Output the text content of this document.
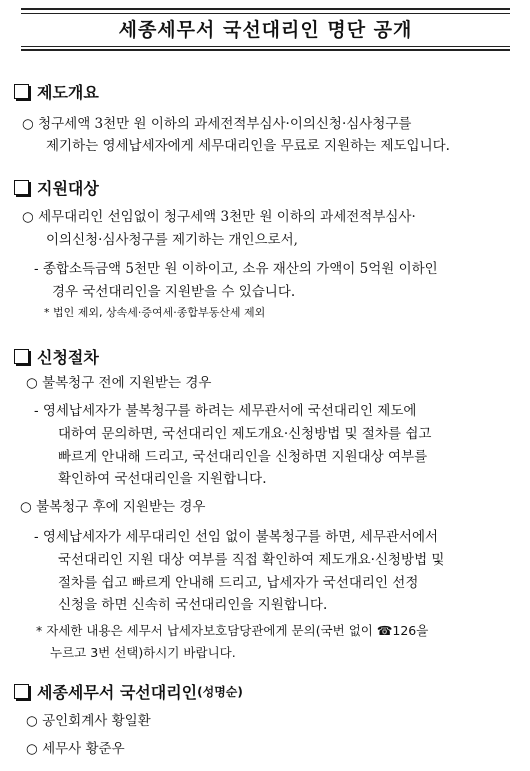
세종세무서 국선대리인 명단 공개
제도개요
○ 청구세액 3천만 원 이하의 과세전적부심사·이의신청·심사청구를
제기하는 영세납세자에게 세무대리인을 무료로 지원하는 제도입니다.
지원대상
○ 세무대리인 선임없이 청구세액 3천만 원 이하의 과세전적부심사·
이의신청·심사청구를 제기하는 개인으로서,
- 종합소득금액 5천만 원 이하이고, 소유 재산의 가액이 5억원 이하인
경우 국선대리인을 지원받을 수 있습니다.
* 법인 제외, 상속세·증여세·종합부동산세 제외
신청절차
○ 불복청구 전에 지원받는 경우
- 영세납세자가 불복청구를 하려는 세무관서에 국선대리인 제도에
대하여 문의하면, 국선대리인 제도개요·신청방법 및 절차를 쉽고
빠르게 안내해 드리고, 국선대리인을 신청하면 지원대상 여부를
확인하여 국선대리인을 지원합니다.
○ 불복청구 후에 지원받는 경우
- 영세납세자가 세무대리인 선임 없이 불복청구를 하면, 세무관서에서
국선대리인 지원 대상 여부를 직접 확인하여 제도개요·신청방법 및
절차를 쉽고 빠르게 안내해 드리고, 납세자가 국선대리인 선정
신청을 하면 신속히 국선대리인을 지원합니다.
* 자세한 내용은 세무서 납세자보호담당관에게 문의(국번 없이 ☎126을
누르고 3번 선택)하시기 바랍니다.
세종세무서 국선대리인 (성명순)
○ 공인회계사 황일환
○ 세무사 황준우
